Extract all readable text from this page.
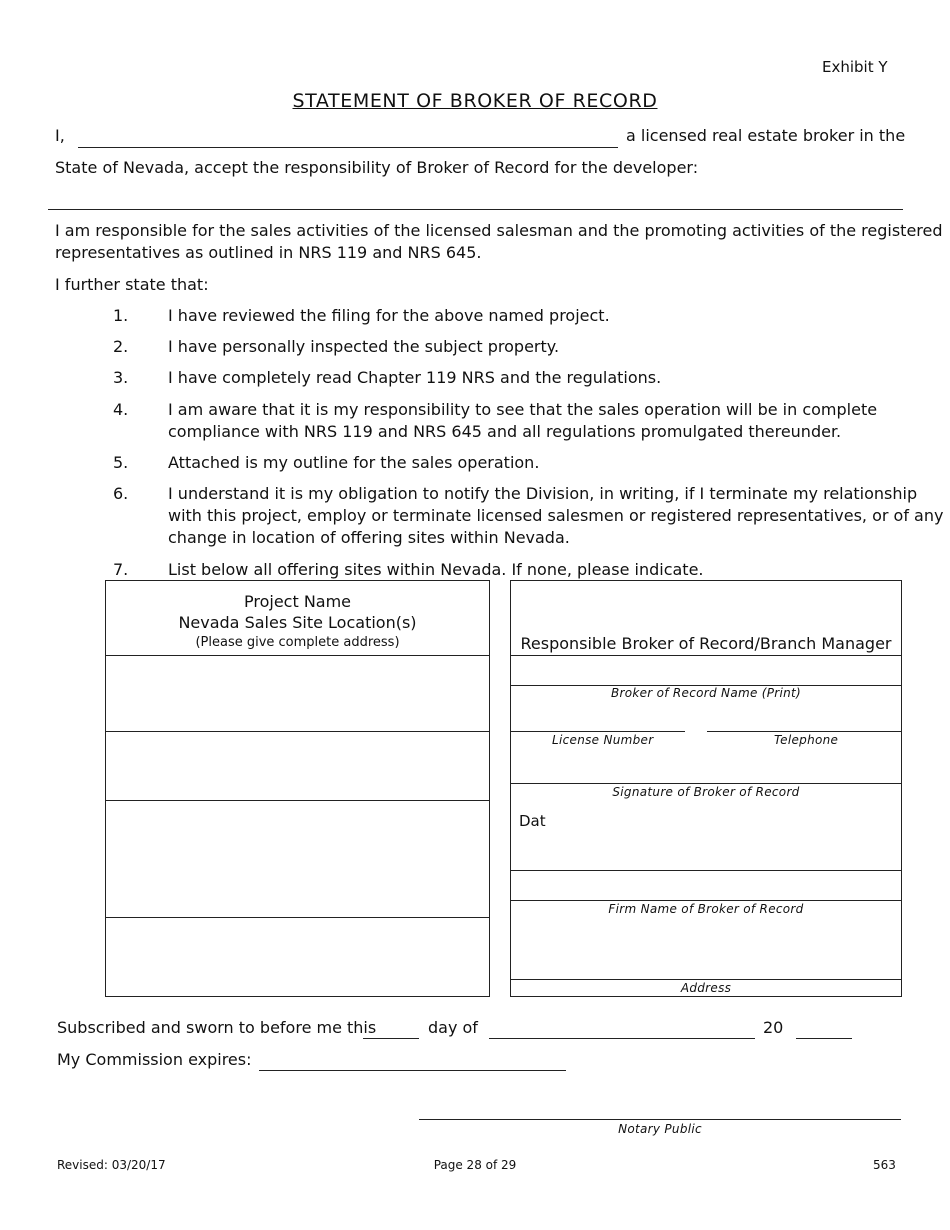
Exhibit Y
STATEMENT OF BROKER OF RECORD
I,	a licensed real estate broker in the
State of Nevada, accept the responsibility of Broker of Record for the developer:
I am responsible for the sales activities of the licensed salesman and the promoting activities of the registered
representatives as outlined in NRS 119 and NRS 645.
I further state that:
1. I have reviewed the filing for the above named project.
2. I have personally inspected the subject property.
3. I have completely read Chapter 119 NRS and the regulations.
4. I am aware that it is my responsibility to see that the sales operation will be in complete
compliance with NRS 119 and NRS 645 and all regulations promulgated thereunder.
5. Attached is my outline for the sales operation.
6. I understand it is my obligation to notify the Division, in writing, if I terminate my relationship
with this project, employ or terminate licensed salesmen or registered representatives, or of any
change in location of offering sites within Nevada.
7. List below all offering sites within Nevada. If none, please indicate.
Project Name
Nevada Sales Site Location(s)
(Please give complete address)	Responsible Broker of Record/Branch Manager
Broker of Record Name (Print)
License Number	Telephone
Signature of Broker of Record
Dat
Firm Name of Broker of Record
Address
Subscribed and sworn to before me this	day of	20
My Commission expires:
Notary Public
Revised: 03/20/17	Page 28 of 29	563
